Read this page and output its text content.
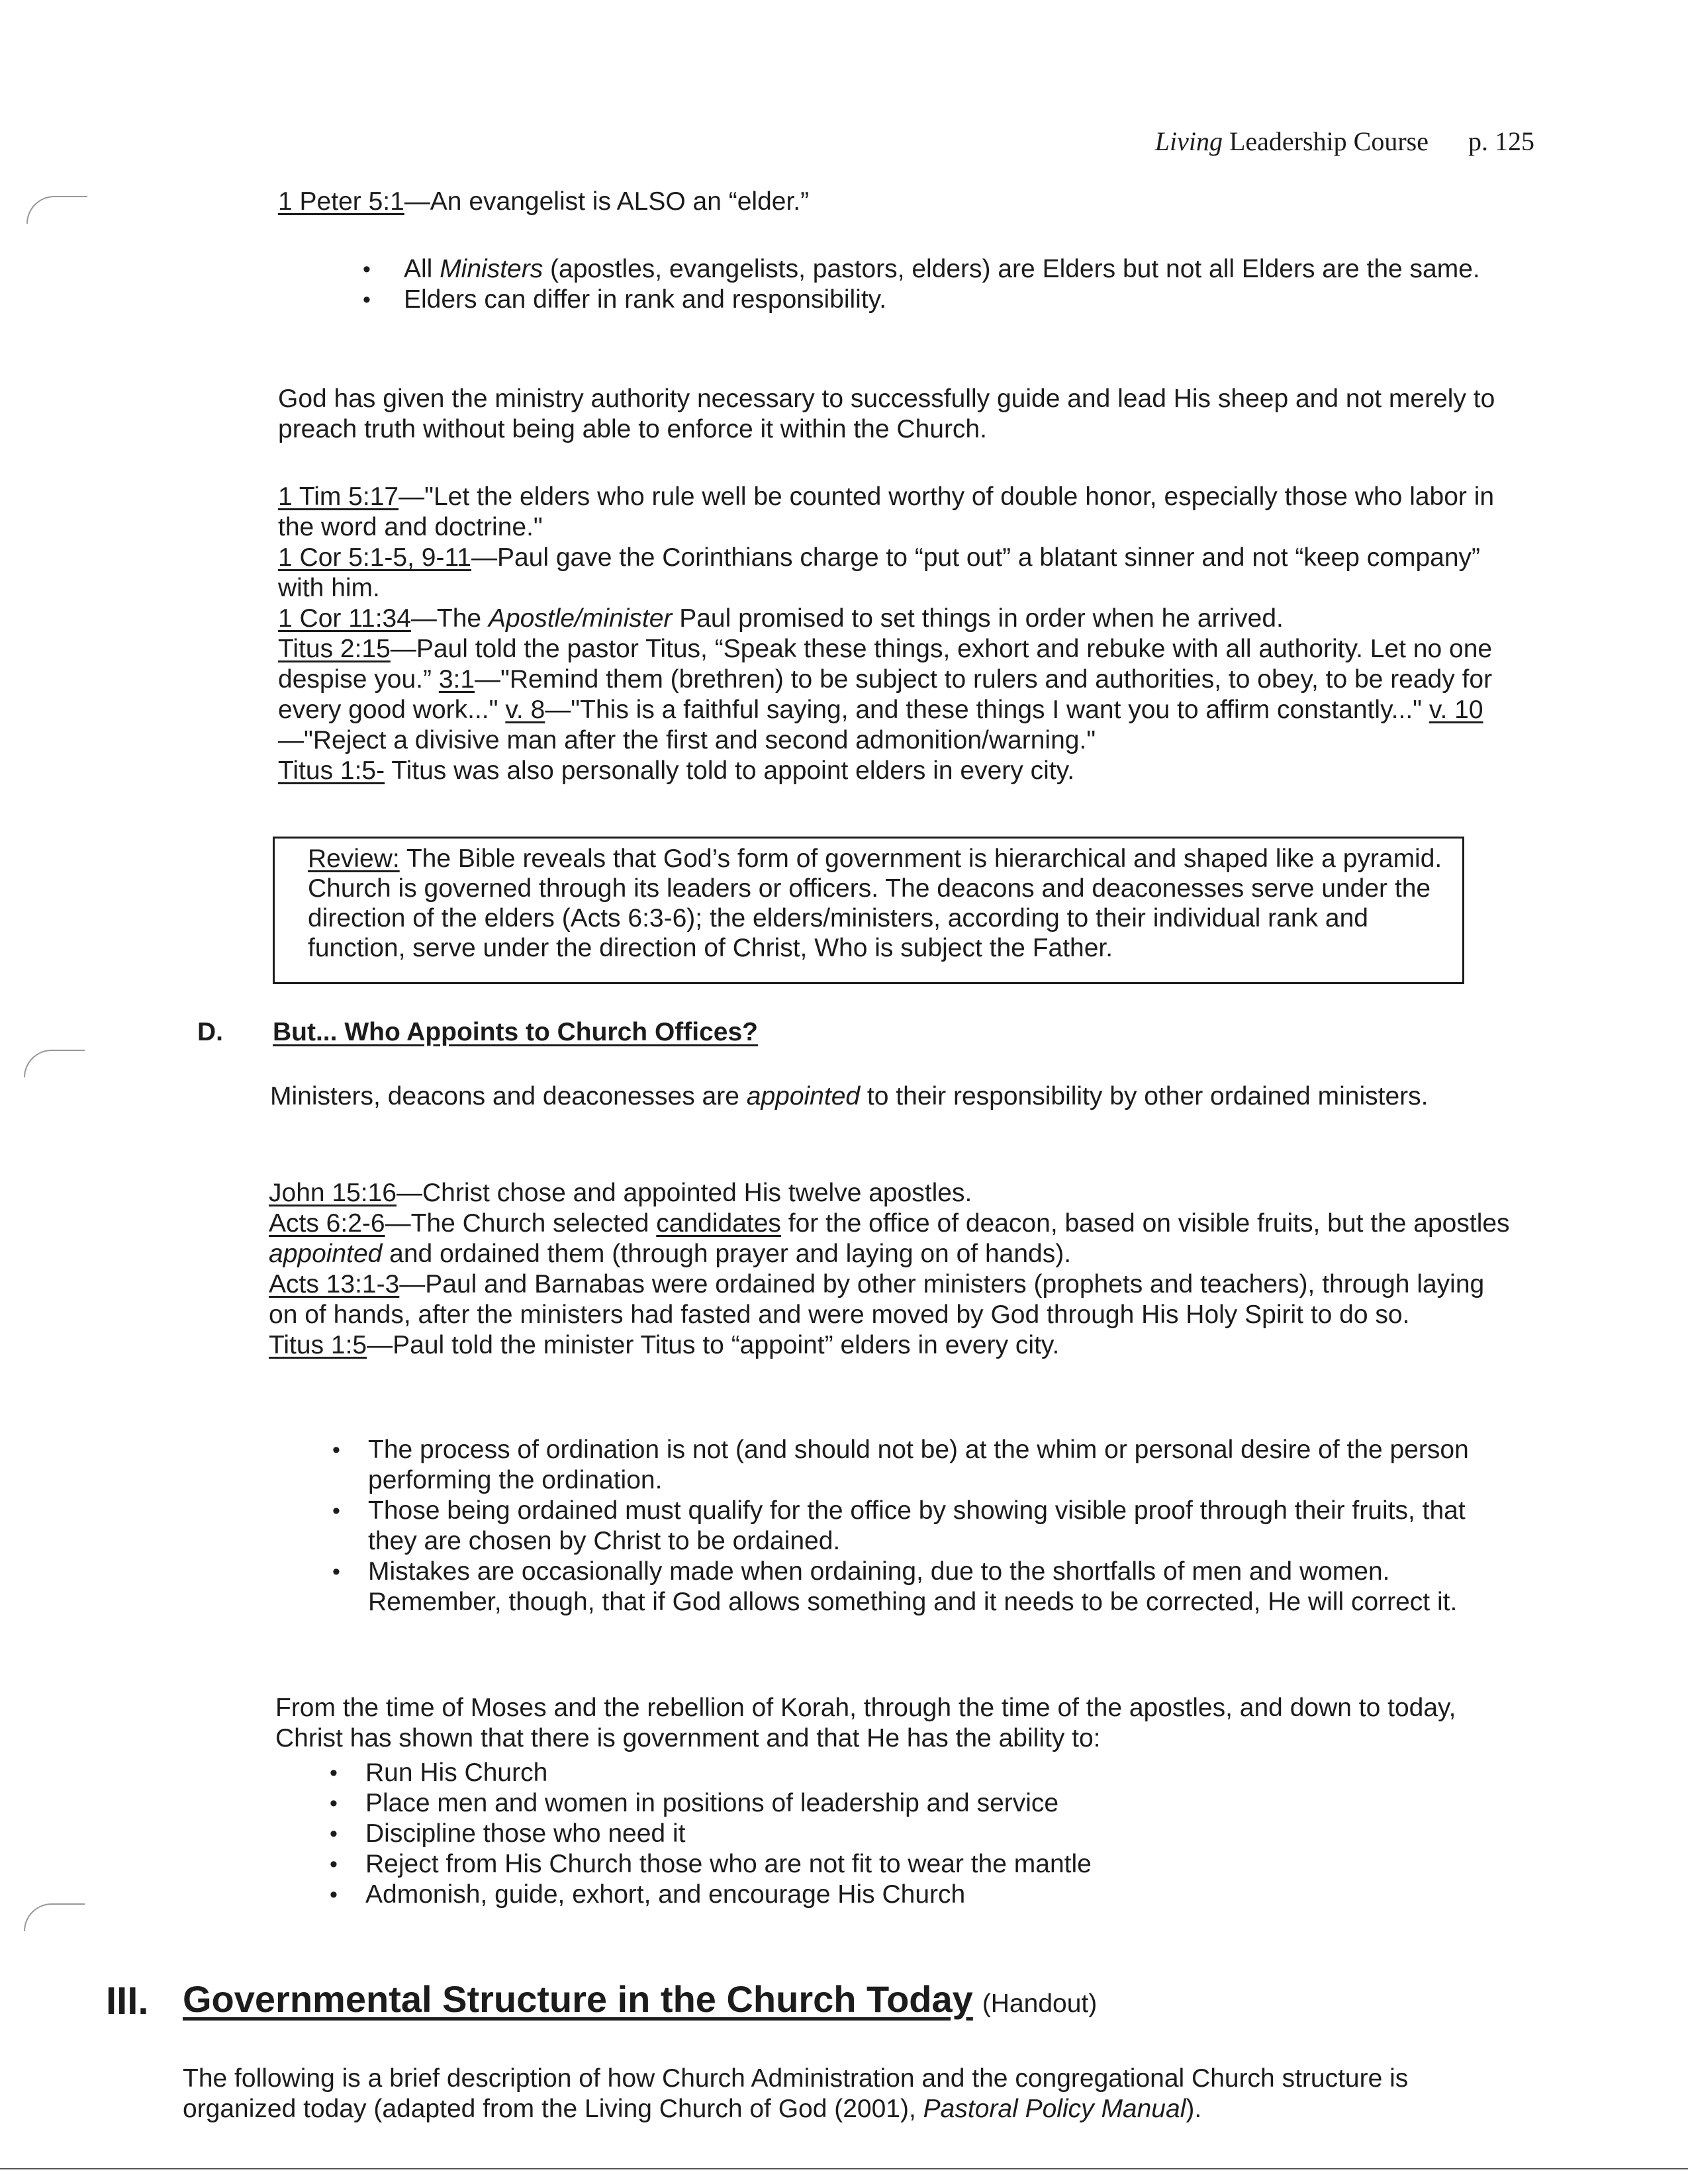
Living Leadership Course p. 125
1 Peter 5:1—An evangelist is ALSO an “elder.”
• All Ministers (apostles, evangelists, pastors, elders) are Elders but not all Elders are the same.
• Elders can differ in rank and responsibility.
God has given the ministry authority necessary to successfully guide and lead His sheep and not merely to preach truth without being able to enforce it within the Church.
1 Tim 5:17—"Let the elders who rule well be counted worthy of double honor, especially those who labor in the word and doctrine."
1 Cor 5:1-5, 9-11—Paul gave the Corinthians charge to “put out” a blatant sinner and not “keep company” with him.
1 Cor 11:34—The Apostle/minister Paul promised to set things in order when he arrived.
Titus 2:15—Paul told the pastor Titus, “Speak these things, exhort and rebuke with all authority. Let no one despise you.” 3:1—"Remind them (brethren) to be subject to rulers and authorities, to obey, to be ready for every good work..." v. 8—"This is a faithful saying, and these things I want you to affirm constantly..." v. 10—"Reject a divisive man after the first and second admonition/warning."
Titus 1:5- Titus was also personally told to appoint elders in every city.
Review: The Bible reveals that God’s form of government is hierarchical and shaped like a pyramid. Church is governed through its leaders or officers. The deacons and deaconesses serve under the direction of the elders (Acts 6:3-6); the elders/ministers, according to their individual rank and function, serve under the direction of Christ, Who is subject the Father.
D. But... Who Appoints to Church Offices?
Ministers, deacons and deaconesses are appointed to their responsibility by other ordained ministers.
John 15:16—Christ chose and appointed His twelve apostles.
Acts 6:2-6—The Church selected candidates for the office of deacon, based on visible fruits, but the apostles appointed and ordained them (through prayer and laying on of hands).
Acts 13:1-3—Paul and Barnabas were ordained by other ministers (prophets and teachers), through laying on of hands, after the ministers had fasted and were moved by God through His Holy Spirit to do so.
Titus 1:5—Paul told the minister Titus to “appoint” elders in every city.
• The process of ordination is not (and should not be) at the whim or personal desire of the person performing the ordination.
• Those being ordained must qualify for the office by showing visible proof through their fruits, that they are chosen by Christ to be ordained.
• Mistakes are occasionally made when ordaining, due to the shortfalls of men and women. Remember, though, that if God allows something and it needs to be corrected, He will correct it.
From the time of Moses and the rebellion of Korah, through the time of the apostles, and down to today, Christ has shown that there is government and that He has the ability to:
• Run His Church
• Place men and women in positions of leadership and service
• Discipline those who need it
• Reject from His Church those who are not fit to wear the mantle
• Admonish, guide, exhort, and encourage His Church
III. Governmental Structure in the Church Today (Handout)
The following is a brief description of how Church Administration and the congregational Church structure is organized today (adapted from the Living Church of God (2001), Pastoral Policy Manual).
